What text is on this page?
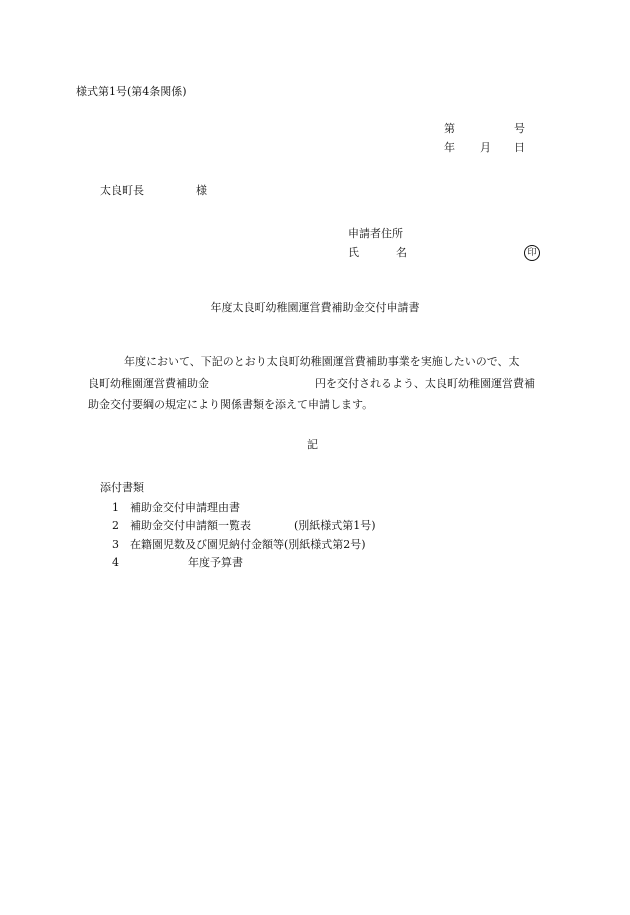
様式第1号(第4条関係)
第	号
年 月 日
太良町長	様
申請者住所
氏	名	印
年度太良町幼稚園運営費補助金交付申請書
年度において、下記のとおり太良町幼稚園運営費補助事業を実施したいので、太
良町幼稚園運営費補助金	円を交付されるよう、太良町幼稚園運営費補
助金交付要綱の規定により関係書類を添えて申請します。
記
添付書類
1 補助金交付申請理由書
2 補助金交付申請額一覧表	(別紙様式第1号)
3 在籍園児数及び園児納付金額等(別紙様式第2号)
4	年度予算書
